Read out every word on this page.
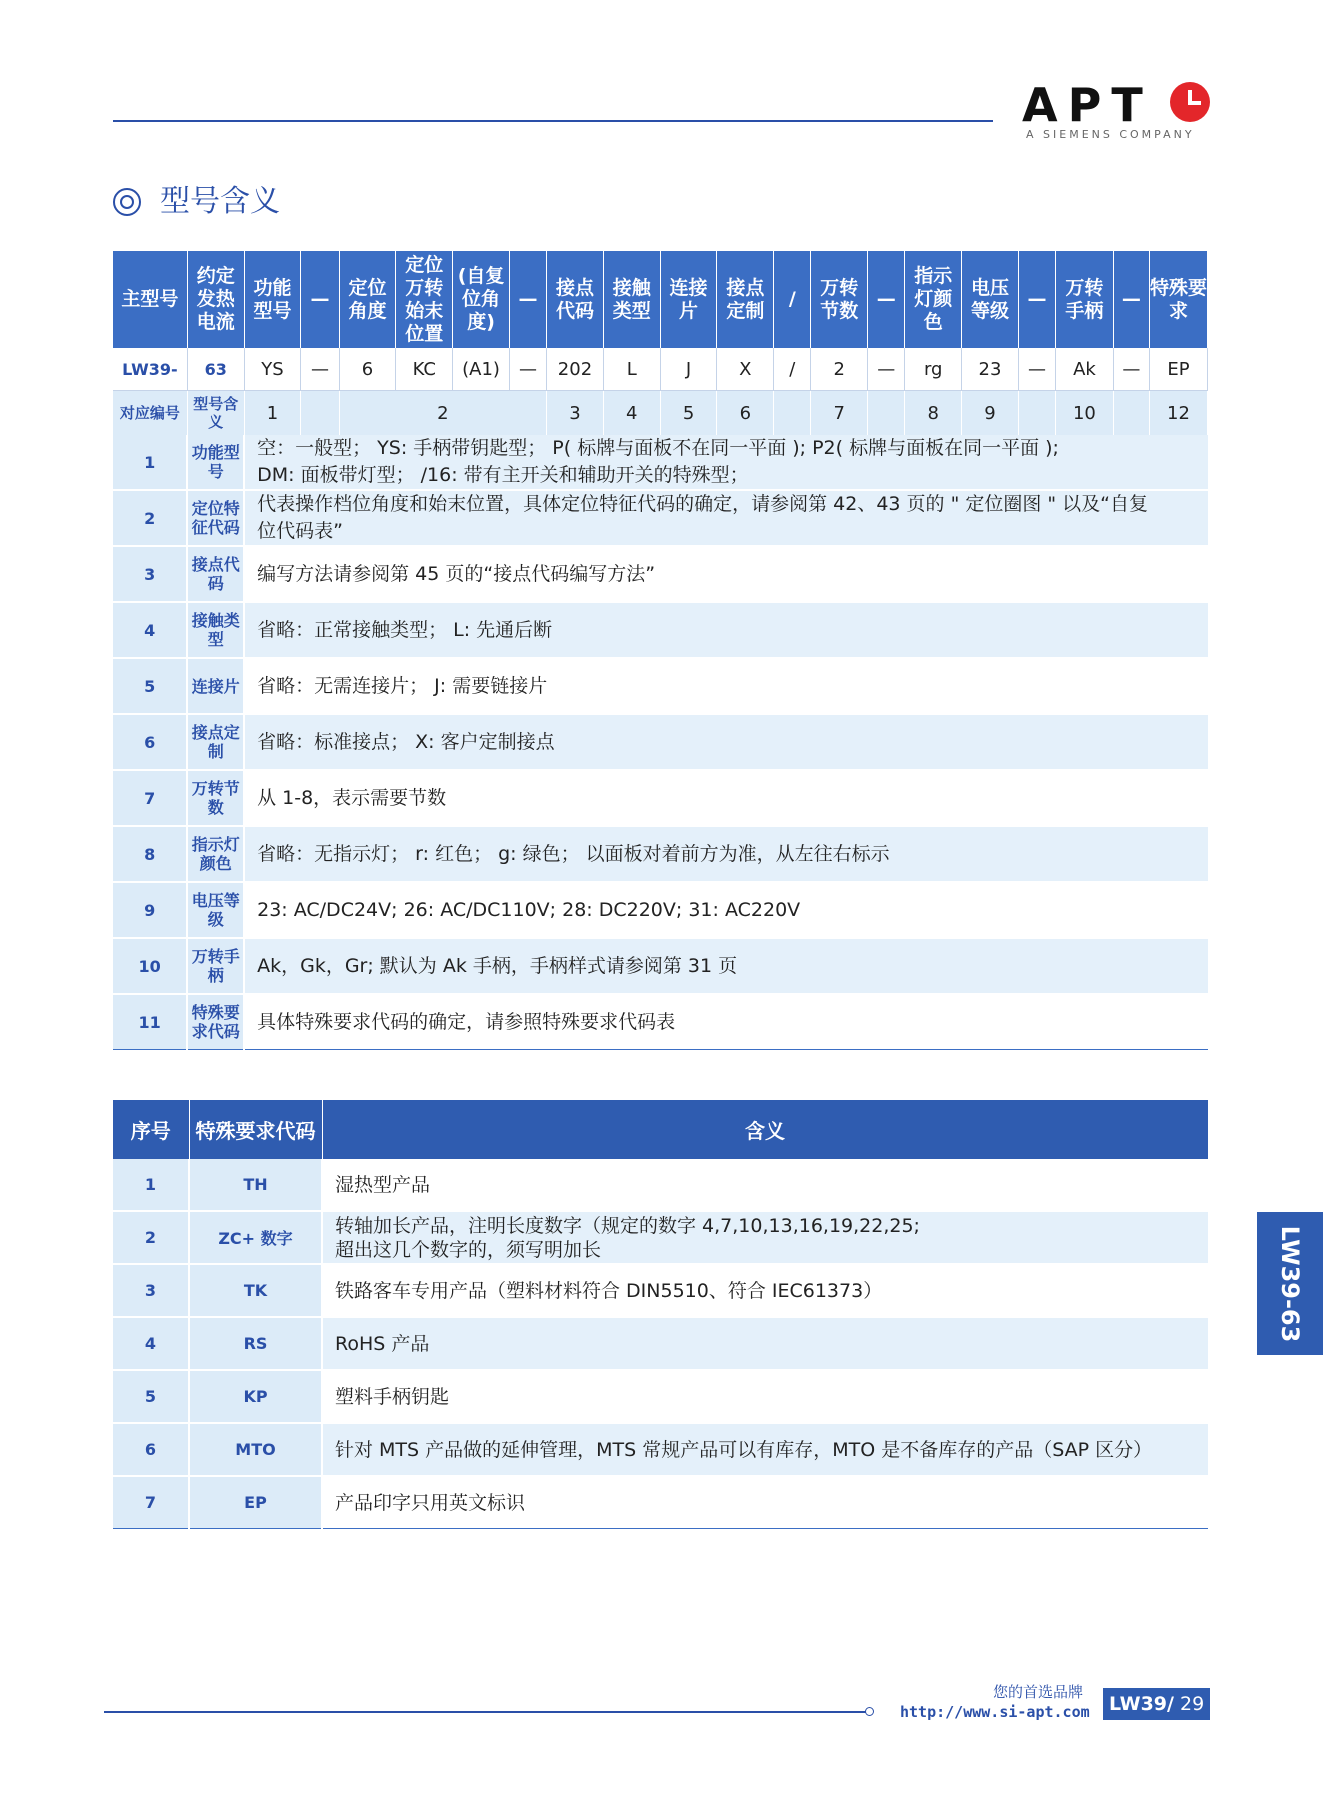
APT
A SIEMENS COMPANY
型号含义
主型号	约定发热电流	功能型号	—	定位角度	定位万转始末位置	(自复位角度)	—	接点代码	接触类型	连接片	接点定制	/	万转节数	—	指示灯颜色	电压等级	—	万转手柄	—	特殊要求
LW39-	63	YS	—	6	KC	(A1)	—	202	L	J	X	/	2	—	rg	23	—	Ak	—	EP
对应编号	型号含义	1		2				3	4	5	6		7		8	9		10		12
1	功能型号	空：一般型； YS: 手柄带钥匙型； P( 标牌与面板不在同一平面 ); P2( 标牌与面板在同一平面 );
DM: 面板带灯型； /16: 带有主开关和辅助开关的特殊型；																		

2	定位特征代码	代表操作档位角度和始末位置，具体定位特征代码的确定，请参阅第 42、43 页的 " 定位圈图 " 以及“自复
位代码表”																		

3	接点代码	编写方法请参阅第 45 页的“接点代码编写方法”																		
4	接触类型	省略：正常接触类型； L: 先通后断																		
5	连接片	省略：无需连接片； J: 需要链接片																		
6	接点定制	省略：标准接点； X: 客户定制接点																		
7	万转节数	从 1-8，表示需要节数																		
8	指示灯颜色	省略：无指示灯； r: 红色； g: 绿色； 以面板对着前方为准，从左往右标示																		
9	电压等级	23: AC/DC24V; 26: AC/DC110V; 28: DC220V; 31: AC220V																		
10	万转手柄	Ak，Gk，Gr; 默认为 Ak 手柄，手柄样式请参阅第 31 页																		
11	特殊要求代码	具体特殊要求代码的确定，请参照特殊要求代码表																		
序号	特殊要求代码	含义
1	TH	湿热型产品
2	ZC+ 数字	转轴加长产品，注明长度数字（规定的数字 4,7,10,13,16,19,22,25;
超出这几个数字的，须写明加长

3	TK	铁路客车专用产品（塑料材料符合 DIN5510、符合 IEC61373）
4	RS	RoHS 产品
5	KP	塑料手柄钥匙
6	MTO	针对 MTS 产品做的延伸管理，MTS 常规产品可以有库存，MTO 是不备库存的产品（SAP 区分）
7	EP	产品印字只用英文标识
LW39-63
您的首选品牌
http://www.si-apt.com	LW39/ 29
